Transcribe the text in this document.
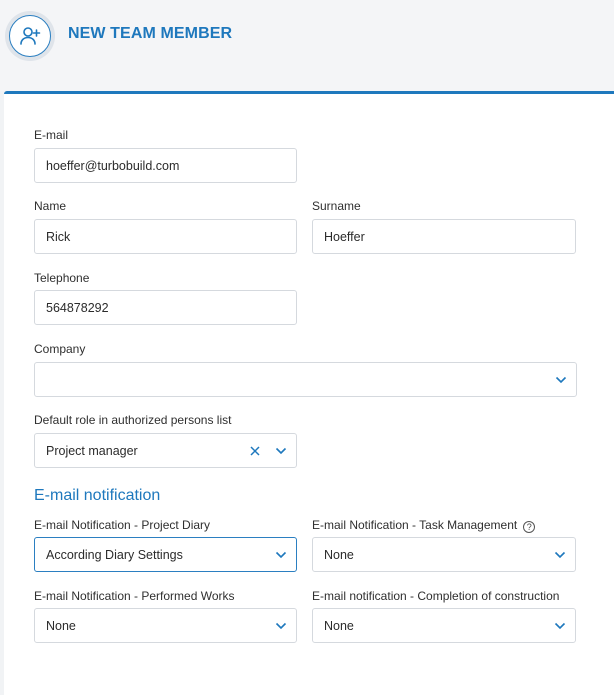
NEW TEAM MEMBER
E-mail
hoeffer@turbobuild.com
Name
Rick	Surname
Hoeffer
Telephone
564878292
Company
Default role in authorized persons list
Project manager
E-mail notification
E-mail Notification - Project Diary
According Diary Settings
E-mail Notification - Task Management ?
None
E-mail Notification - Performed Works
None
E-mail notification - Completion of construction
None
